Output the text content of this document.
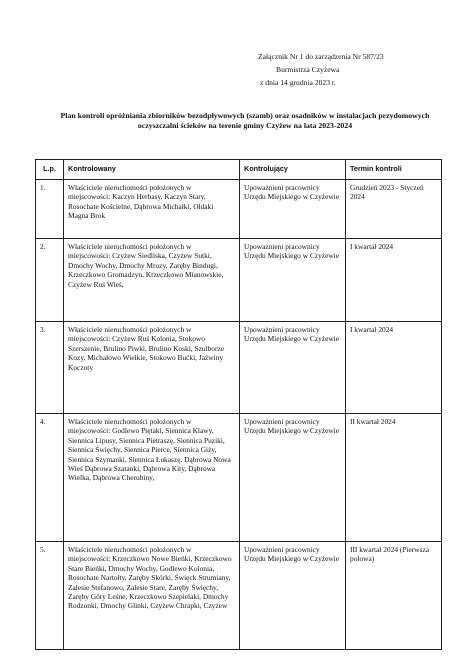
Załącznik Nr 1 do zarządzenia Nr 587/23
Burmistrza Czyżewa
z dnia 14 grudnia 2023 r.
Plan kontroli opróżniania zbiorników bezodpływowych (szamb) oraz osadników w instalacjach przydomowych oczyszczalni ścieków na terenie gminy Czyżew na lata 2023-2024
L.p.	Kontrolowany	Kontrolujący	Termin kontroli
1.	Właściciele nieruchomości położonych w miejscowości: Kaczyn Herbasy, Kaczyn Stary, Rosochate Kościelne, Dąbrowa Michałki, Ołdaki Magna Brok	Upoważnieni pracownicy Urzędu Miejskiego w Czyżewie	Grudzień 2023 - Styczeń 2024
2.	Właściciele nieruchomości położonych w miejscowości: Czyżew Siedliska, Czyżew Sutki, Dmochy Wochy, Dmochy Mrozy, Zaręby Bindugi, Krzeczkowo Gromadzyn, Krzeczkowo Mianowskie, Czyżew Ruś Wieś,	Upoważnieni pracownicy Urzędu Miejskiego w Czyżewie	I kwartał 2024
3.	Właściciele nieruchomości położonych w miejscowości: Czyżew Ruś Kolonia, Stokowo Szerszenie, Brulino Piwki, Brulino Koski, Szulborze Kozy, Michałowo Wielkie, Stokowo Bućki, Jaźwiny Koczoty	Upoważnieni pracownicy Urzędu Miejskiego w Czyżewie	I kwartał 2024
4.	Właściciele nieruchomości położonych w miejscowości: Godlewo Piętaki, Siennica Klawy, Siennica Lipusy, Siennica Pietraszę, Siennica Puziki, Siennica Święchy, Siennica Pierce, Siennica Giży, Siennica Szymanki, Siennica Łukaszę. Dąbrowa Nowa Wieś Dąbrowa Szatanki, Dąbrowa Kity, Dąbrowa Wielka, Dąbrowa Cherubiny,	Upoważnieni pracownicy Urzędu Miejskiego w Czyżewie	II kwartał 2024
5.	Właściciele nieruchomości położonych w miejscowości: Krzeczkowo Nowe Bieńki, Krzeczkowo Stare Bieńki, Dmochy Wochy, Godlewo Kolonia, Rosochate Nartołty, Zaręby Skórki, Święck Strumiany, Zalesie Stefanowo, Zalesie Stare, Zaręby Święchy, Zaręby Góry Leśne, Krzeczkowo Szepielaki, Dmochy Rodzonki, Dmochy Glinki, Czyżew Chrapki, Czyżew	Upoważnieni pracownicy Urzędu Miejskiego w Czyżewie	III kwartał 2024 (Pierwsza połowa)
